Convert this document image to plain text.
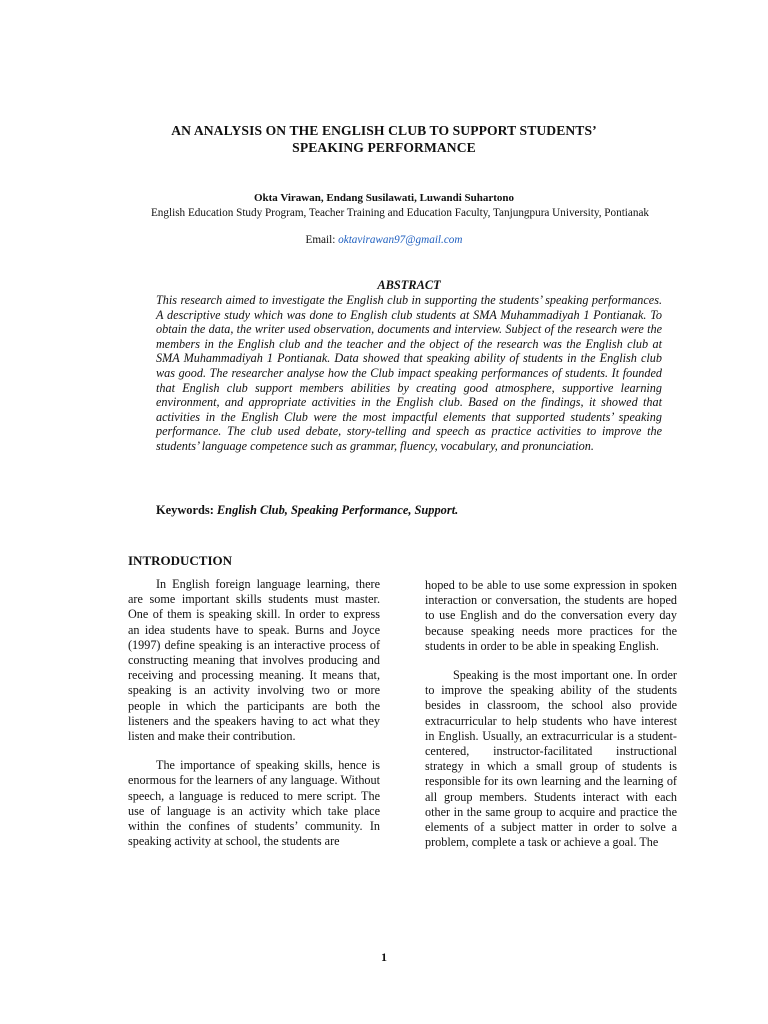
AN ANALYSIS ON THE ENGLISH CLUB TO SUPPORT STUDENTS’
SPEAKING PERFORMANCE
Okta Virawan, Endang Susilawati, Luwandi Suhartono
English Education Study Program, Teacher Training and Education Faculty, Tanjungpura University, Pontianak
Email: oktavirawan97@gmail.com
ABSTRACT
This research aimed to investigate the English club in supporting the students’ speaking performances. A descriptive study which was done to English club students at SMA Muhammadiyah 1 Pontianak. To obtain the data, the writer used observation, documents and interview. Subject of the research were the members in the English club and the teacher and the object of the research was the English club at SMA Muhammadiyah 1 Pontianak. Data showed that speaking ability of students in the English club was good. The researcher analyse how the Club impact speaking performances of students. It founded that English club support members abilities by creating good atmosphere, supportive learning environment, and appropriate activities in the English club. Based on the findings, it showed that activities in the English Club were the most impactful elements that supported students’ speaking performance. The club used debate, story-telling and speech as practice activities to improve the students’ language competence such as grammar, fluency, vocabulary, and pronunciation.
Keywords: English Club, Speaking Performance, Support.
INTRODUCTION

In English foreign language learning, there are some important skills students must master. One of them is speaking skill. In order to express an idea students have to speak. Burns and Joyce (1997) define speaking is an interactive process of constructing meaning that involves producing and receiving and processing meaning. It means that, speaking is an activity involving two or more people in which the participants are both the listeners and the speakers having to act what they listen and make their contribution.

The importance of speaking skills, hence is enormous for the learners of any language. Without speech, a language is reduced to mere script. The use of language is an activity which take place within the confines of students’ community. In speaking activity at school, the students are

hoped to be able to use some expression in spoken interaction or conversation, the students are hoped to use English and do the conversation every day because speaking needs more practices for the students in order to be able in speaking English.

Speaking is the most important one. In order to improve the speaking ability of the students besides in classroom, the school also provide extracurricular to help students who have interest in English. Usually, an extracurricular is a student-centered, instructor-facilitated instructional strategy in which a small group of students is responsible for its own learning and the learning of all group members. Students interact with each other in the same group to acquire and practice the elements of a subject matter in order to solve a problem, complete a task or achieve a goal. The

1
